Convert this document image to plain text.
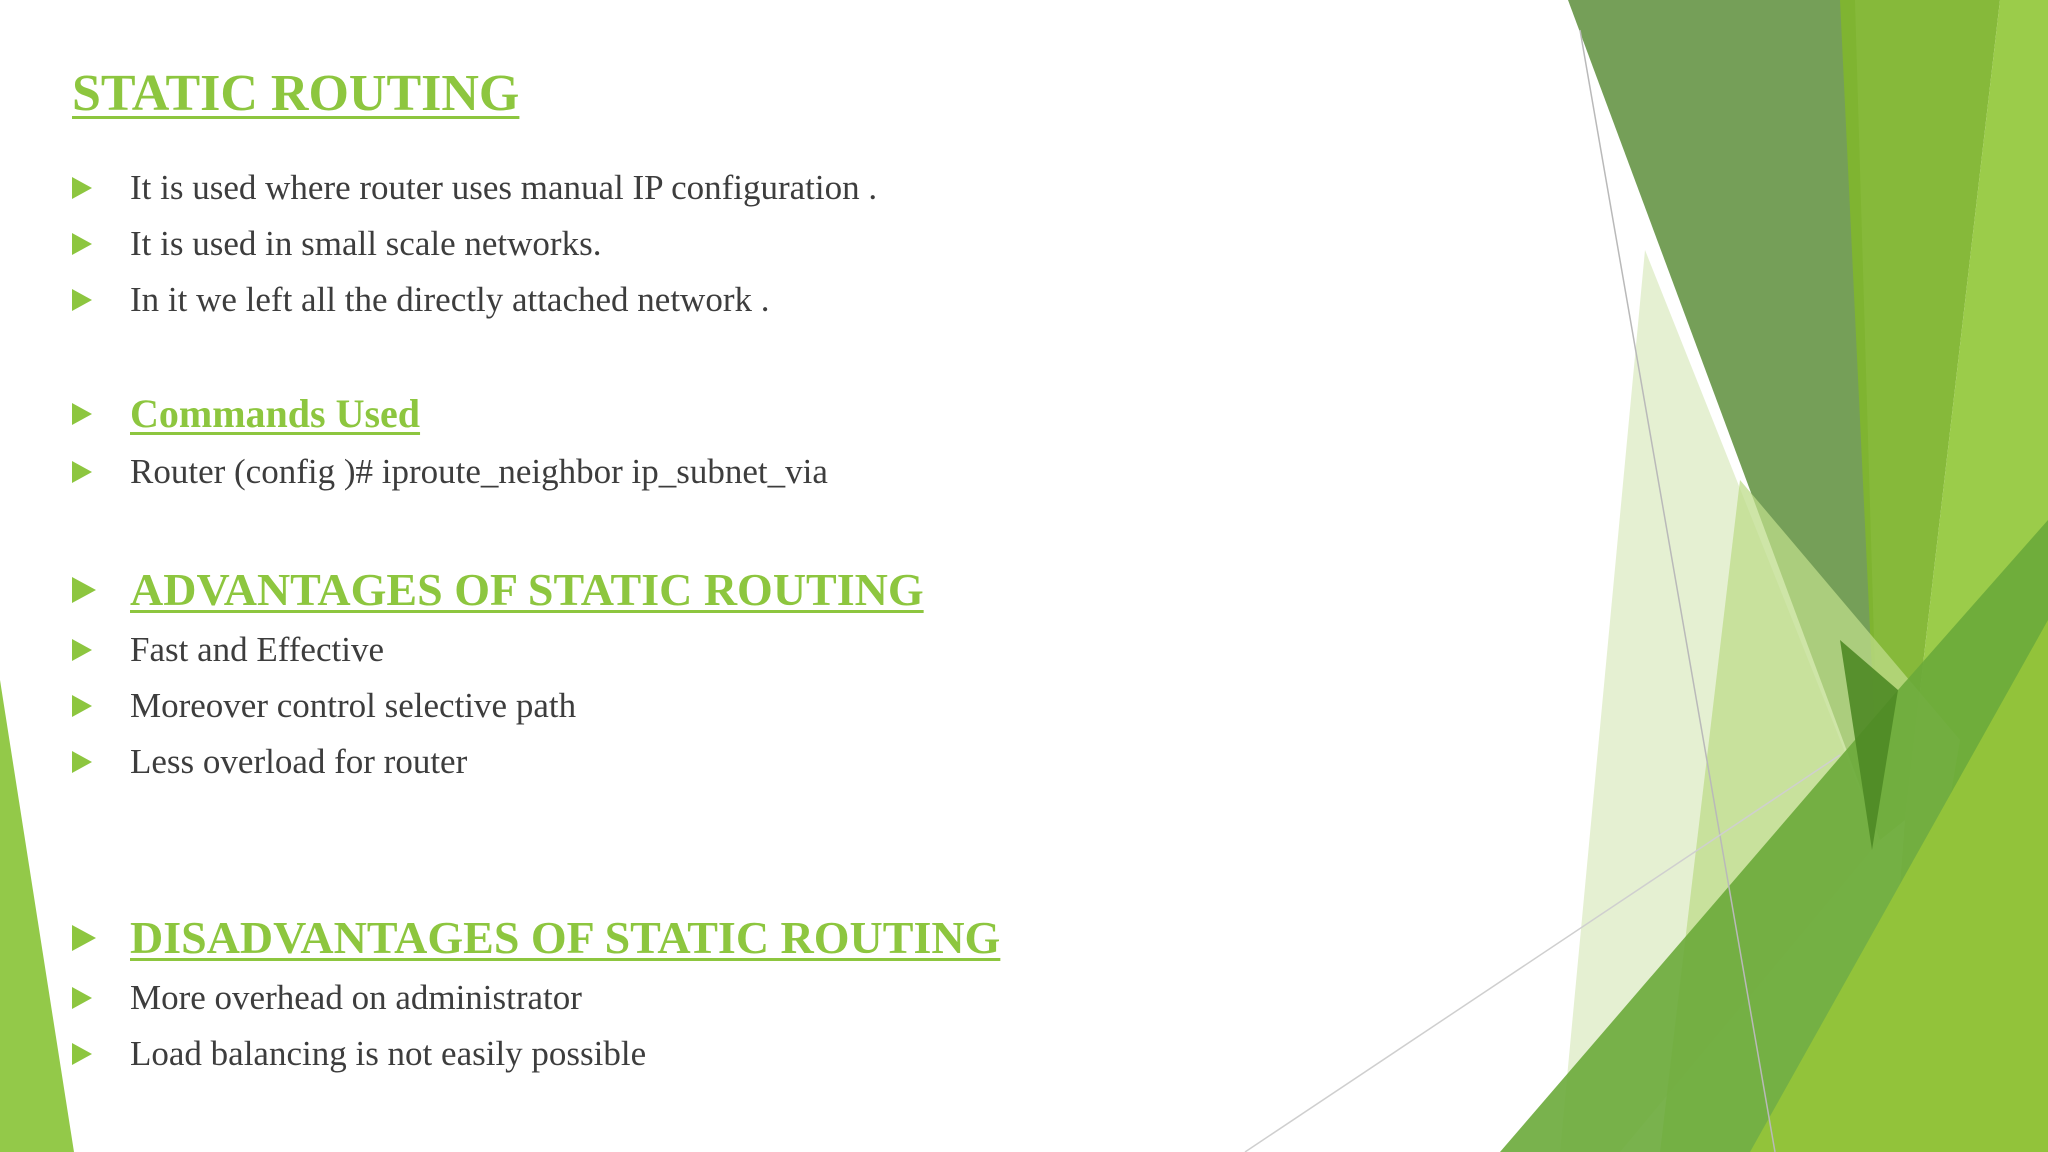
STATIC ROUTING
It is used where router uses manual IP configuration .
It is used in small scale networks.
In it we left all the directly attached network .
Commands Used
Router (config )# iproute_neighbor ip_subnet_via
ADVANTAGES OF STATIC ROUTING
Fast and Effective
Moreover control selective path
Less overload for router
DISADVANTAGES OF STATIC ROUTING
More overhead on administrator
Load balancing is not easily possible
